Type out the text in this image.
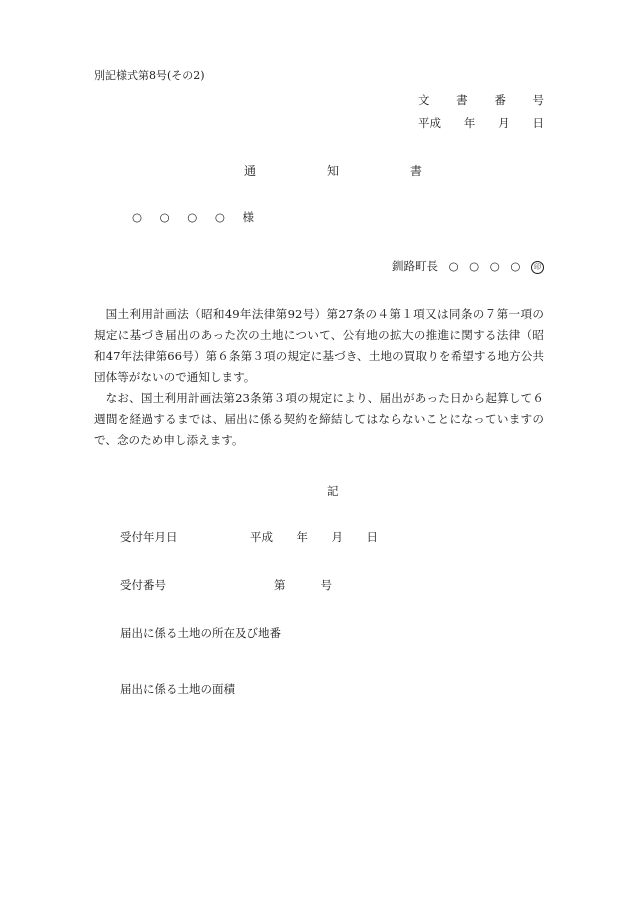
別記様式第8号(その2)
文 書 番 号
平成 年 月 日
通	知	書
○ ○ ○ ○ 様
釧路町長 ○ ○ ○ ○	印

国土利用計画法（昭和49年法律第92号）第27条の４第１項又は同条の７第一項の規定に基づき届出のあった次の土地について、公有地の拡大の推進に関する法律（昭和47年法律第66号）第６条第３項の規定に基づき、土地の買取りを希望する地方公共団体等がないので通知します。

なお、国土利用計画法第23条第３項の規定により、届出があった日から起算して６週間を経過するまでは、届出に係る契約を締結してはならないことになっていますので、念のため申し添えます。

記
受付年月日	平成 年 月 日
受付番号	第	号
届出に係る土地の所在及び地番
届出に係る土地の面積
